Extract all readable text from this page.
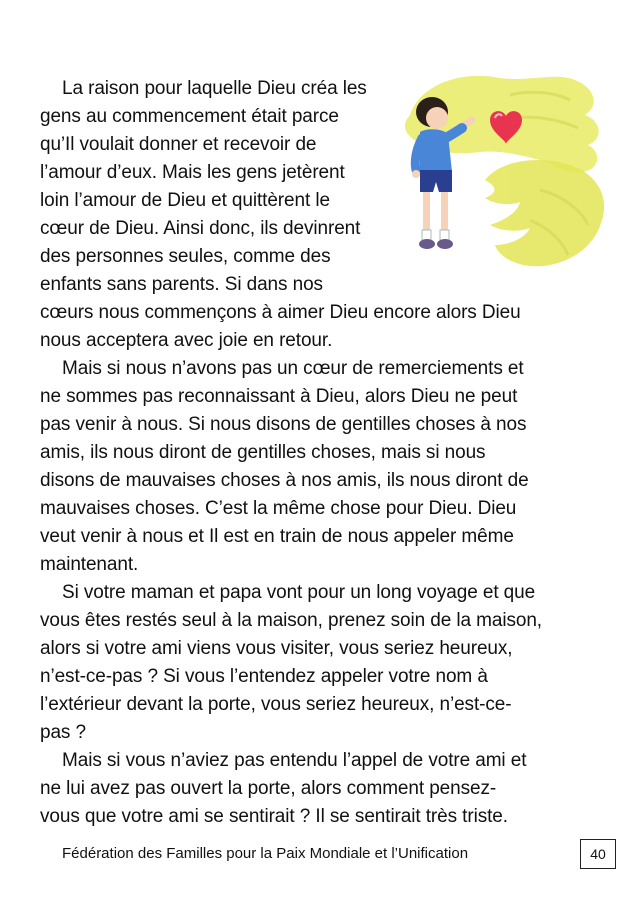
La raison pour laquelle Dieu créa les
gens au commencement était parce
qu’Il voulait donner et recevoir de
l’amour d’eux. Mais les gens jetèrent
loin l’amour de Dieu et quittèrent le
cœur de Dieu. Ainsi donc, ils devinrent
des personnes seules, comme des
enfants sans parents. Si dans nos
cœurs nous commençons à aimer Dieu encore alors Dieu
nous acceptera avec joie en retour.
Mais si nous n’avons pas un cœur de remerciements et
ne sommes pas reconnaissant à Dieu, alors Dieu ne peut
pas venir à nous. Si nous disons de gentilles choses à nos
amis, ils nous diront de gentilles choses, mais si nous
disons de mauvaises choses à nos amis, ils nous diront de
mauvaises choses. C’est la même chose pour Dieu. Dieu
veut venir à nous et Il est en train de nous appeler même
maintenant.
Si votre maman et papa vont pour un long voyage et que
vous êtes restés seul à la maison, prenez soin de la maison,
alors si votre ami viens vous visiter, vous seriez heureux,
n’est-ce-pas ? Si vous l’entendez appeler votre nom à
l’extérieur devant la porte, vous seriez heureux, n’est-ce-
pas ?
Mais si vous n’aviez pas entendu l’appel de votre ami et
ne lui avez pas ouvert la porte, alors comment pensez-
vous que votre ami se sentirait ? Il se sentirait très triste.
Fédération des Familles pour la Paix Mondiale et l’Unification	40
